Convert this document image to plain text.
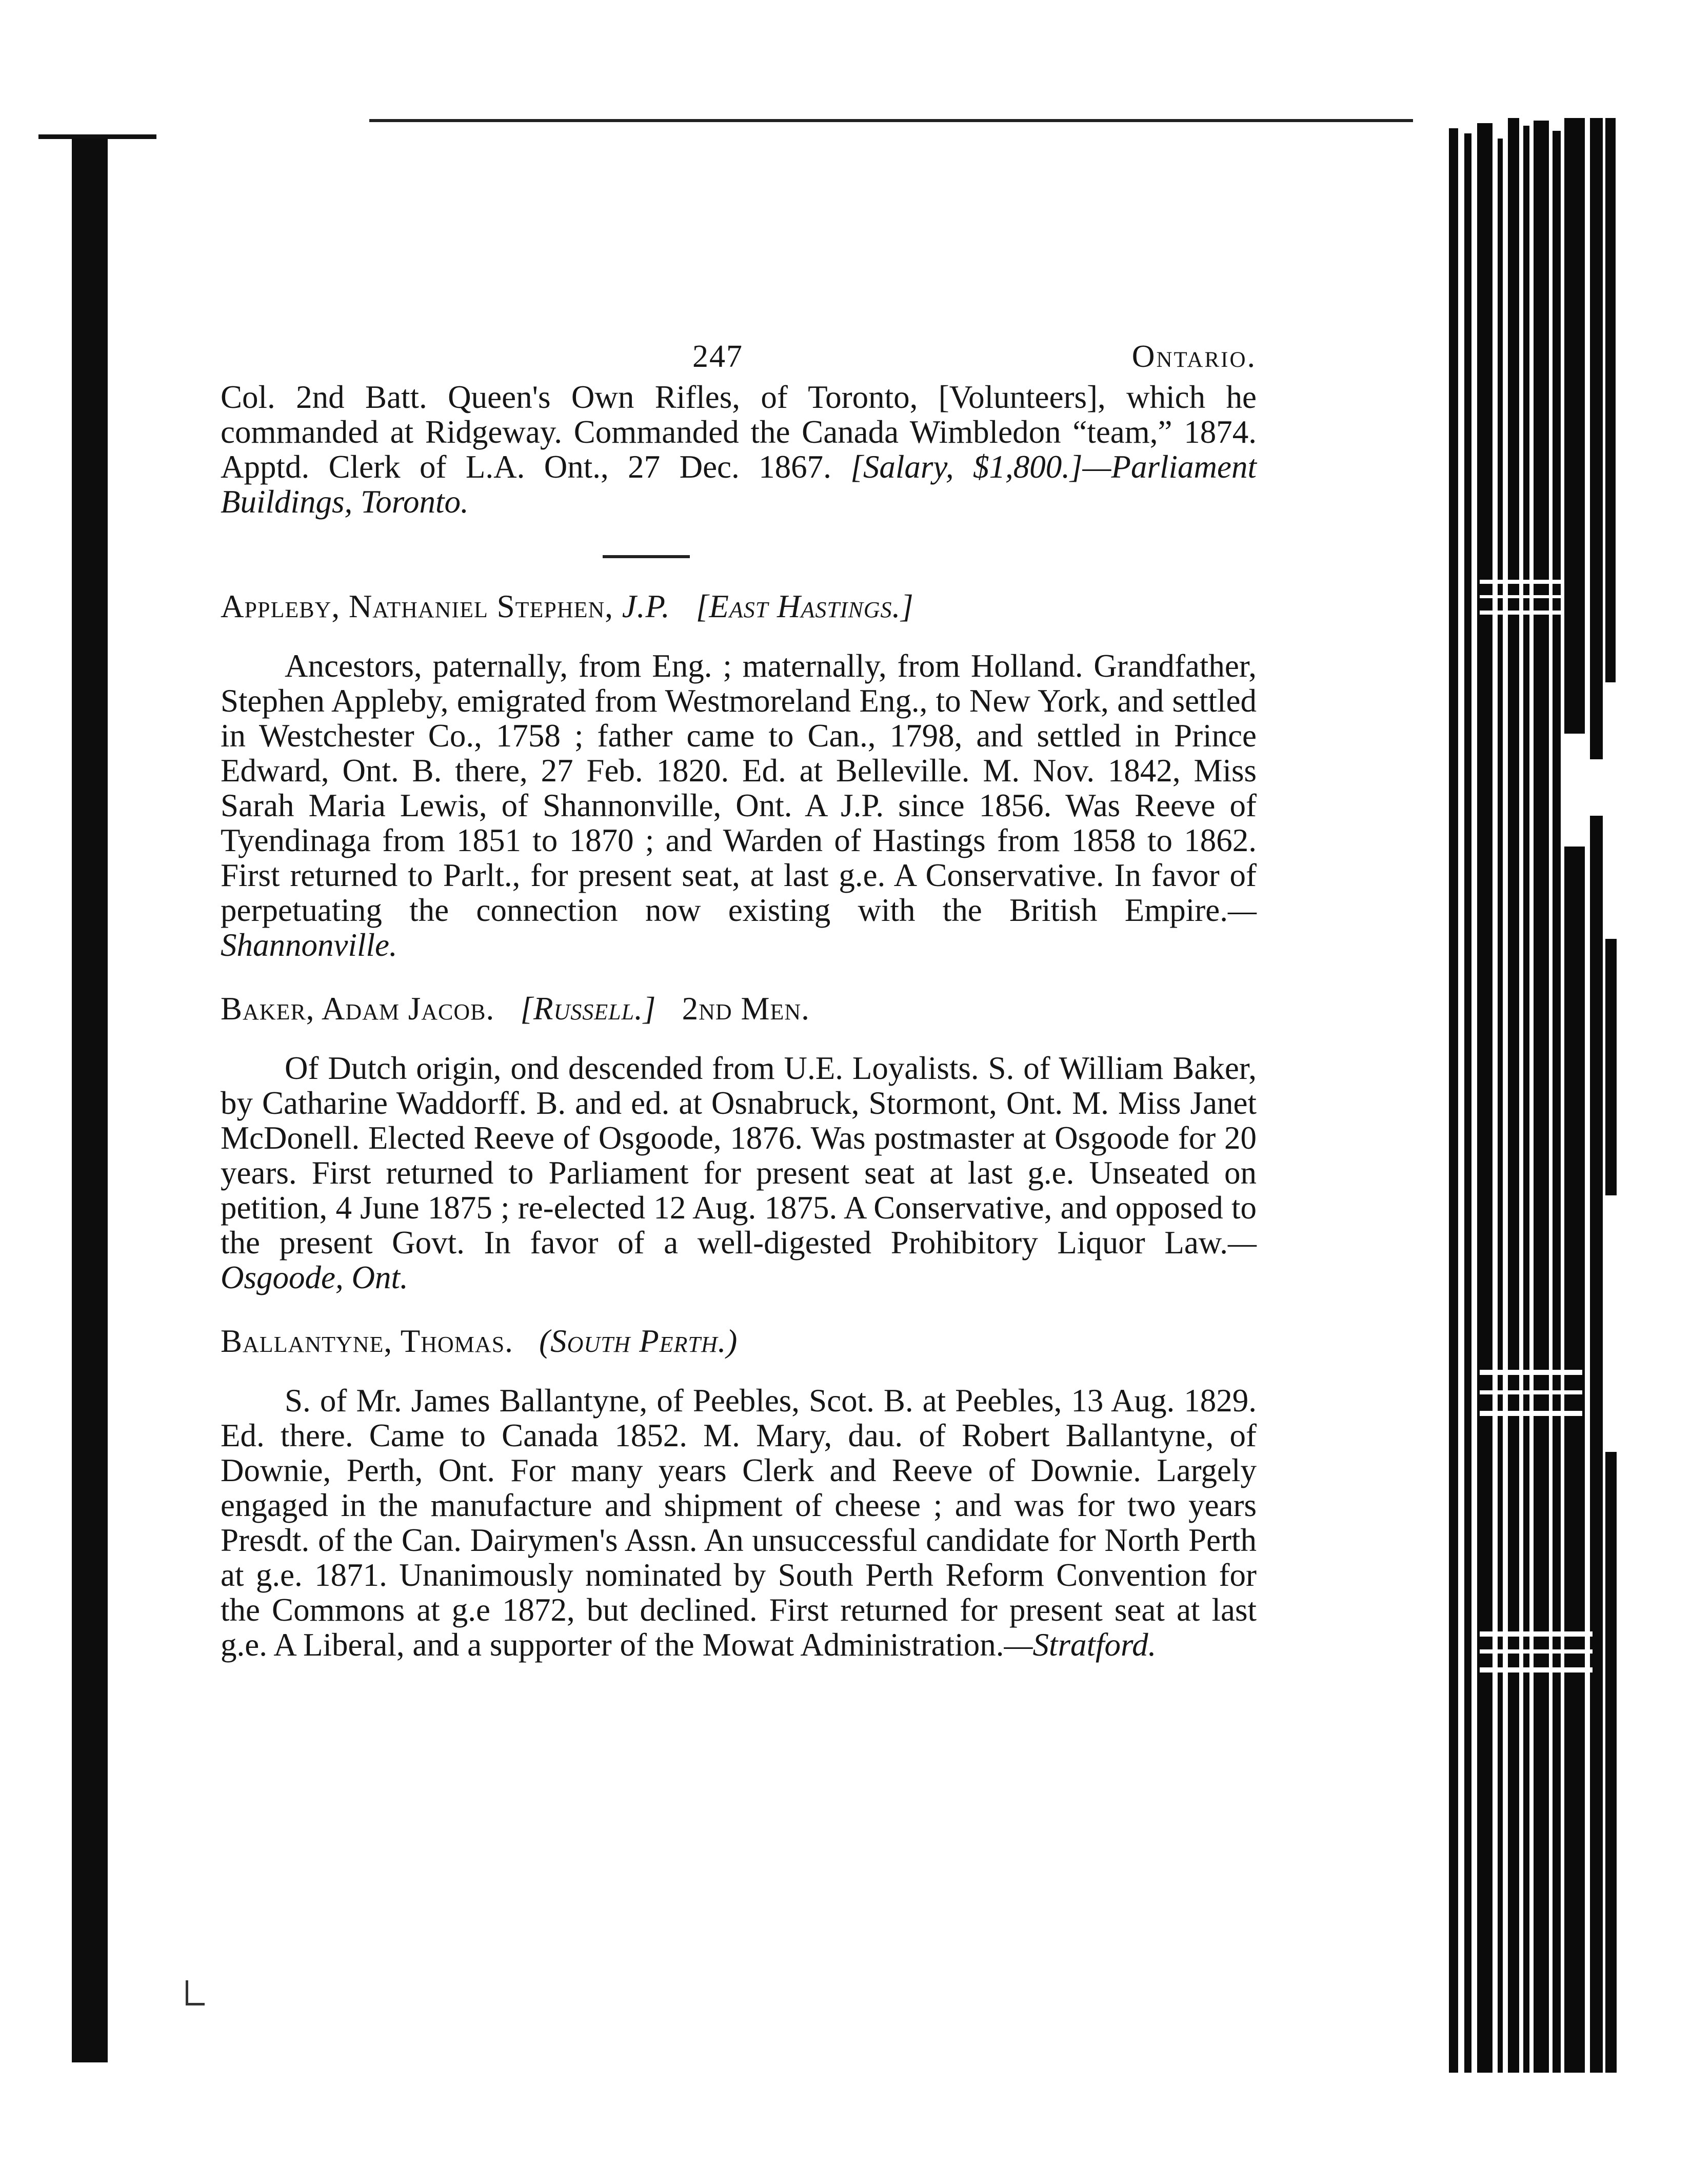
247	Ontario.

Col. 2nd Batt. Queen's Own Rifles, of Toronto, [Volunteers], which he commanded at Ridgeway. Commanded the Canada Wimbledon “team,” 1874. Apptd. Clerk of L.A. Ont., 27 Dec. 1867. [Salary, $1,800.]—Parliament Buildings, Toronto.

Appleby, Nathaniel Stephen, J.P. [East Hastings.]

Ancestors, paternally, from Eng. ; maternally, from Holland. Grandfather, Stephen Appleby, emigrated from Westmoreland Eng., to New York, and settled in Westchester Co., 1758 ; father came to Can., 1798, and settled in Prince Edward, Ont. B. there, 27 Feb. 1820. Ed. at Belleville. M. Nov. 1842, Miss Sarah Maria Lewis, of Shannonville, Ont. A J.P. since 1856. Was Reeve of Tyendinaga from 1851 to 1870 ; and Warden of Hastings from 1858 to 1862. First returned to Parlt., for present seat, at last g.e. A Conservative. In favor of perpetuating the connection now existing with the British Empire.—Shannonville.

Baker, Adam Jacob. [Russell.] 2nd Men.

Of Dutch origin, ond descended from U.E. Loyalists. S. of William Baker, by Catharine Waddorff. B. and ed. at Osnabruck, Stormont, Ont. M. Miss Janet McDonell. Elected Reeve of Osgoode, 1876. Was postmaster at Osgoode for 20 years. First returned to Parliament for present seat at last g.e. Unseated on petition, 4 June 1875 ; re-elected 12 Aug. 1875. A Conservative, and opposed to the present Govt. In favor of a well-digested Prohibitory Liquor Law.—Osgoode, Ont.

Ballantyne, Thomas. (South Perth.)

S. of Mr. James Ballantyne, of Peebles, Scot. B. at Peebles, 13 Aug. 1829. Ed. there. Came to Canada 1852. M. Mary, dau. of Robert Ballantyne, of Downie, Perth, Ont. For many years Clerk and Reeve of Downie. Largely engaged in the manufacture and shipment of cheese ; and was for two years Presdt. of the Can. Dairymen's Assn. An unsuccessful candidate for North Perth at g.e. 1871. Unanimously nominated by South Perth Reform Convention for the Commons at g.e 1872, but declined. First returned for present seat at last g.e. A Liberal, and a supporter of the Mowat Administration.—Stratford.
